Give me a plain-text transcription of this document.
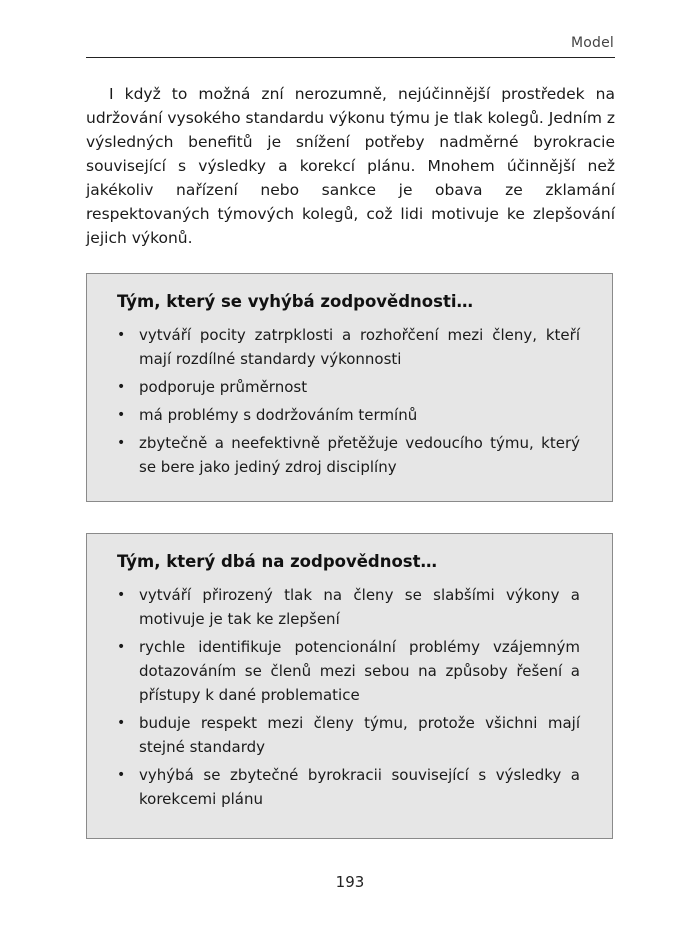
Model

I když to možná zní nerozumně, nejúčinnější prostředek na udržování vysokého standardu výkonu týmu je tlak kolegů. Jedním z výsledných benefitů je snížení potřeby nadměrné byrokracie související s výsledky a korekcí plánu. Mnohem účinnější než jakékoliv nařízení nebo sankce je obava ze zklamání respektovaných týmových kolegů, což lidi motivuje ke zlepšování jejich výkonů.

Tým, který se vyhýbá zodpovědnosti…
• vytváří pocity zatrpklosti a rozhořčení mezi členy, kteří mají rozdílné standardy výkonnosti
• podporuje průměrnost
• má problémy s dodržováním termínů
• zbytečně a neefektivně přetěžuje vedoucího týmu, který se bere jako jediný zdroj disciplíny
Tým, který dbá na zodpovědnost…
• vytváří přirozený tlak na členy se slabšími výkony a motivuje je tak ke zlepšení
• rychle identifikuje potencionální problémy vzájemným dotazováním se členů mezi sebou na způsoby řešení a přístupy k dané problematice
• buduje respekt mezi členy týmu, protože všichni mají stejné standardy
• vyhýbá se zbytečné byrokracii související s výsledky a korekcemi plánu
193
